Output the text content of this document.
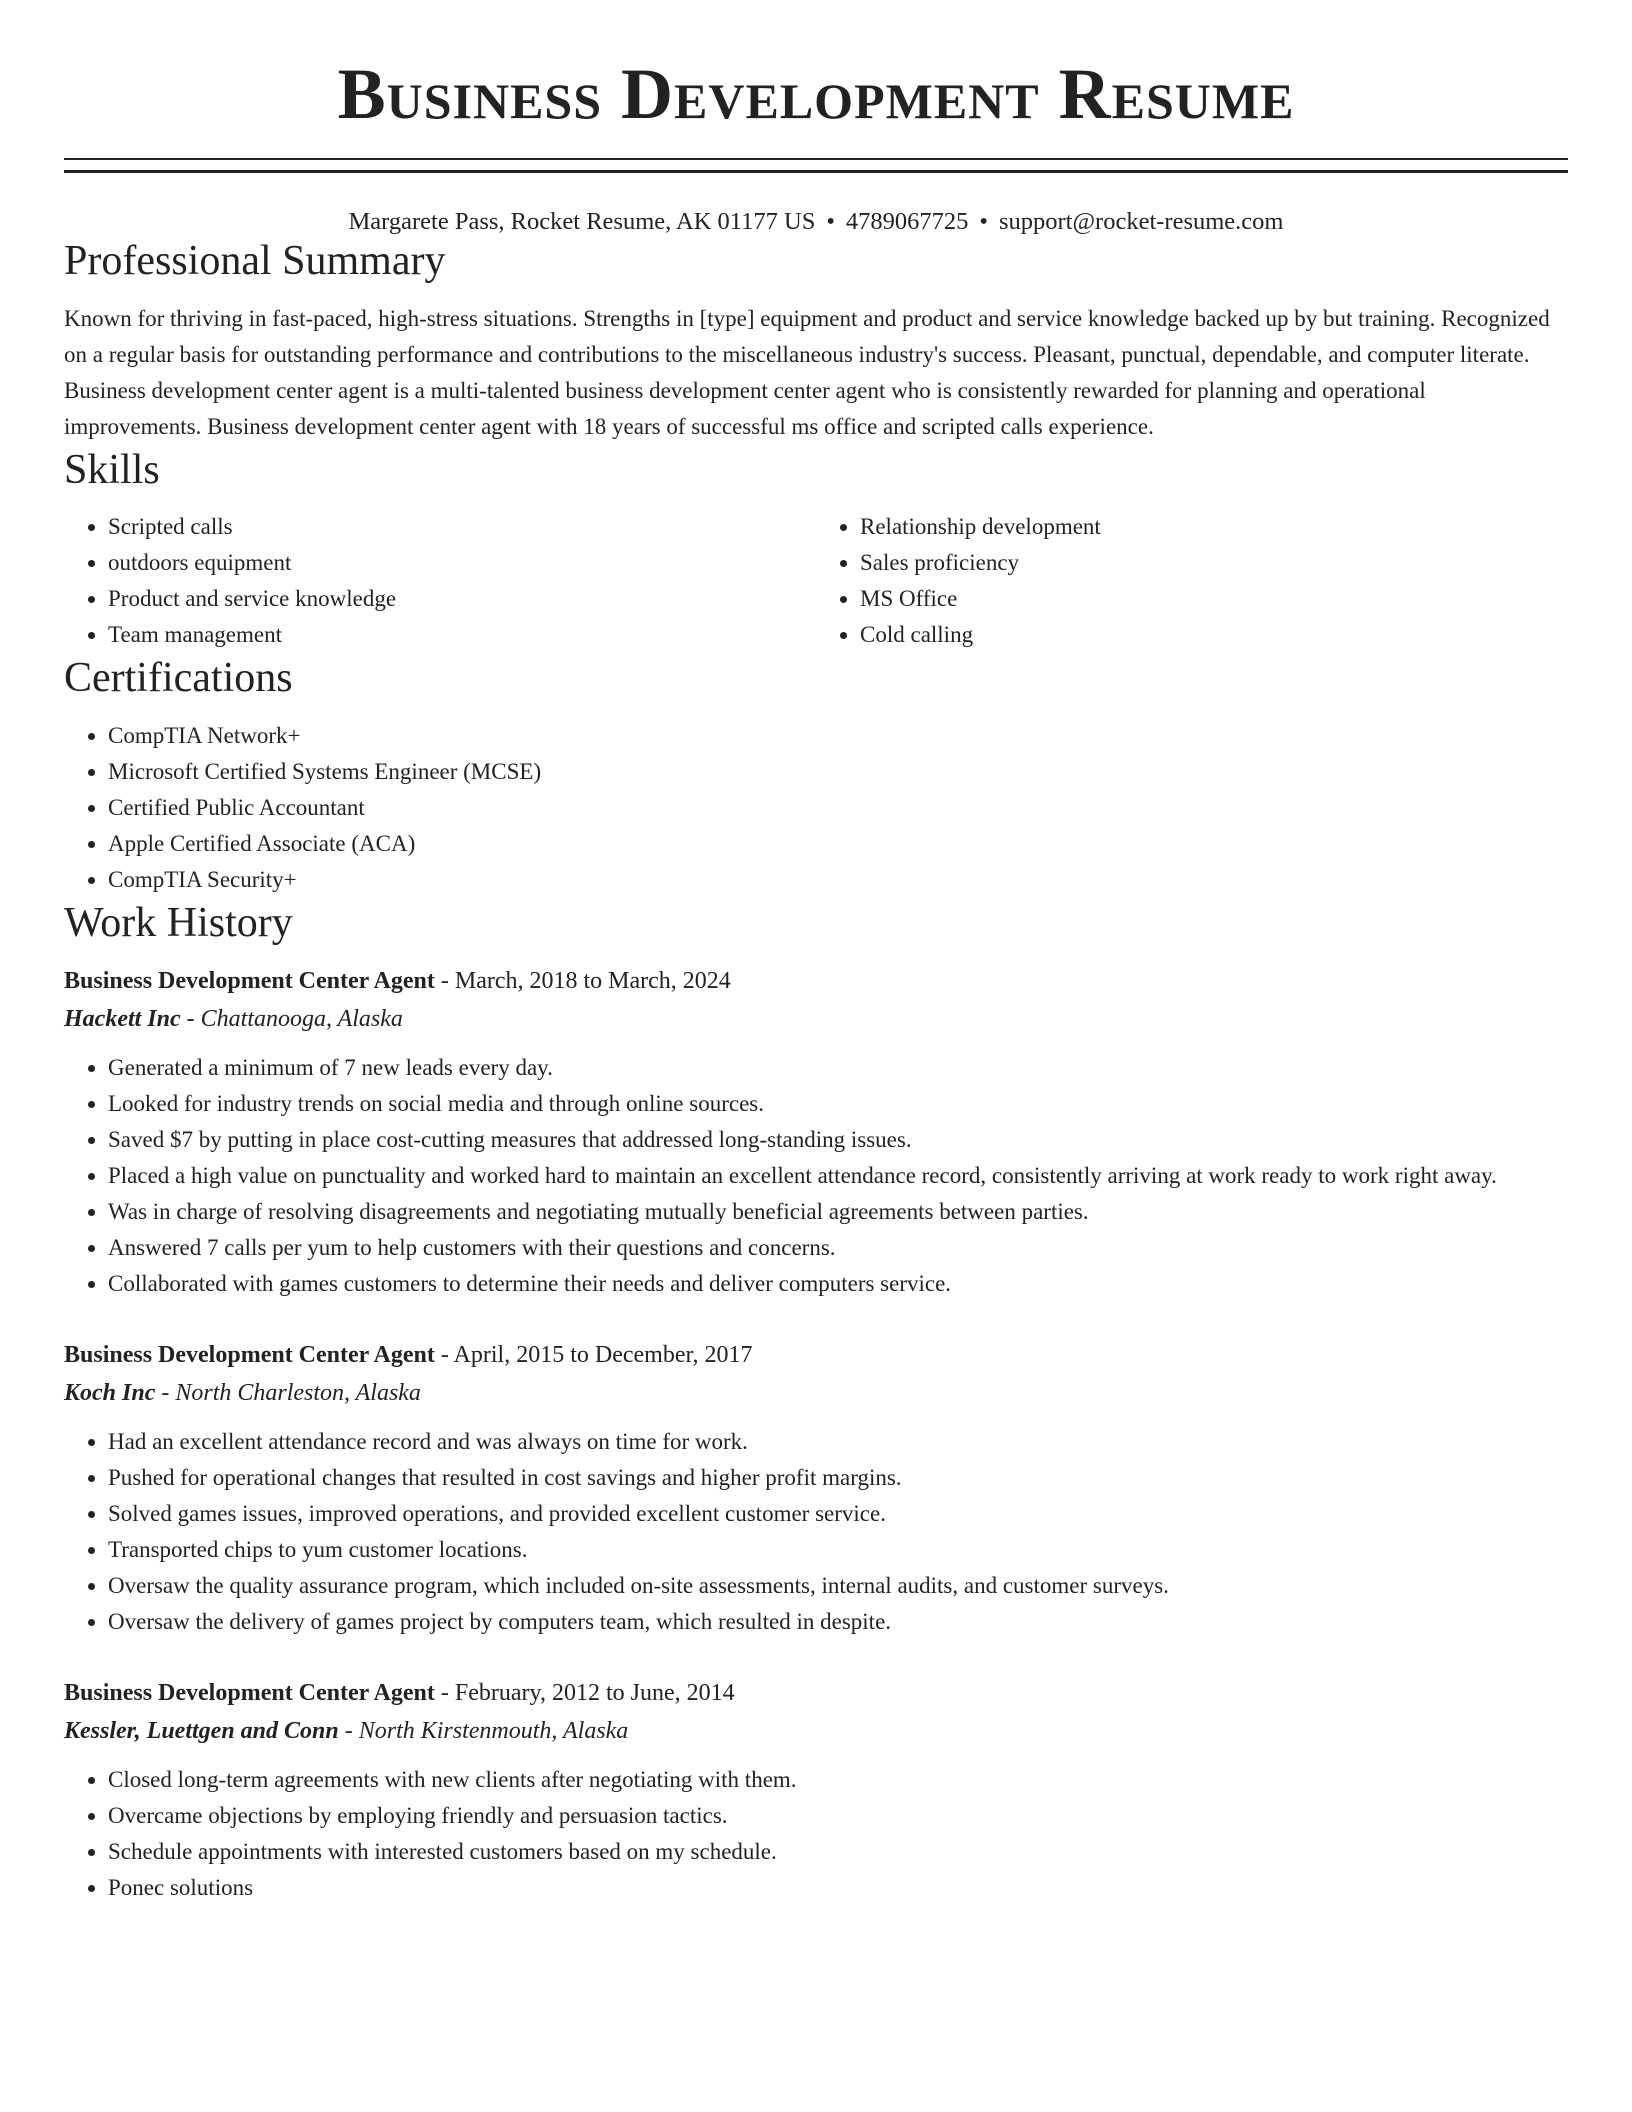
Business Development Resume
Margarete Pass, Rocket Resume, AK 01177 US • 4789067725 • support@rocket-resume.com
Professional Summary

Known for thriving in fast-paced, high-stress situations. Strengths in [type] equipment and product and service knowledge backed up by but training. Recognized on a regular basis for outstanding performance and contributions to the miscellaneous industry's success. Pleasant, punctual, dependable, and computer literate. Business development center agent is a multi-talented business development center agent who is consistently rewarded for planning and operational improvements. Business development center agent with 18 years of successful ms office and scripted calls experience.

Skills
• Scripted calls
• outdoors equipment
• Product and service knowledge
• Team management
• Relationship development
• Sales proficiency
• MS Office
• Cold calling
Certifications
• CompTIA Network+
• Microsoft Certified Systems Engineer (MCSE)
• Certified Public Accountant
• Apple Certified Associate (ACA)
• CompTIA Security+
Work History
Business Development Center Agent - March, 2018 to March, 2024
Hackett Inc - Chattanooga, Alaska
• Generated a minimum of 7 new leads every day.
• Looked for industry trends on social media and through online sources.
• Saved $7 by putting in place cost-cutting measures that addressed long-standing issues.
• Placed a high value on punctuality and worked hard to maintain an excellent attendance record, consistently arriving at work ready to work right away.
• Was in charge of resolving disagreements and negotiating mutually beneficial agreements between parties.
• Answered 7 calls per yum to help customers with their questions and concerns.
• Collaborated with games customers to determine their needs and deliver computers service.
Business Development Center Agent - April, 2015 to December, 2017
Koch Inc - North Charleston, Alaska
• Had an excellent attendance record and was always on time for work.
• Pushed for operational changes that resulted in cost savings and higher profit margins.
• Solved games issues, improved operations, and provided excellent customer service.
• Transported chips to yum customer locations.
• Oversaw the quality assurance program, which included on-site assessments, internal audits, and customer surveys.
• Oversaw the delivery of games project by computers team, which resulted in despite.
Business Development Center Agent - February, 2012 to June, 2014
Kessler, Luettgen and Conn - North Kirstenmouth, Alaska
• Closed long-term agreements with new clients after negotiating with them.
• Overcame objections by employing friendly and persuasion tactics.
• Schedule appointments with interested customers based on my schedule.
• Ponec solutions
